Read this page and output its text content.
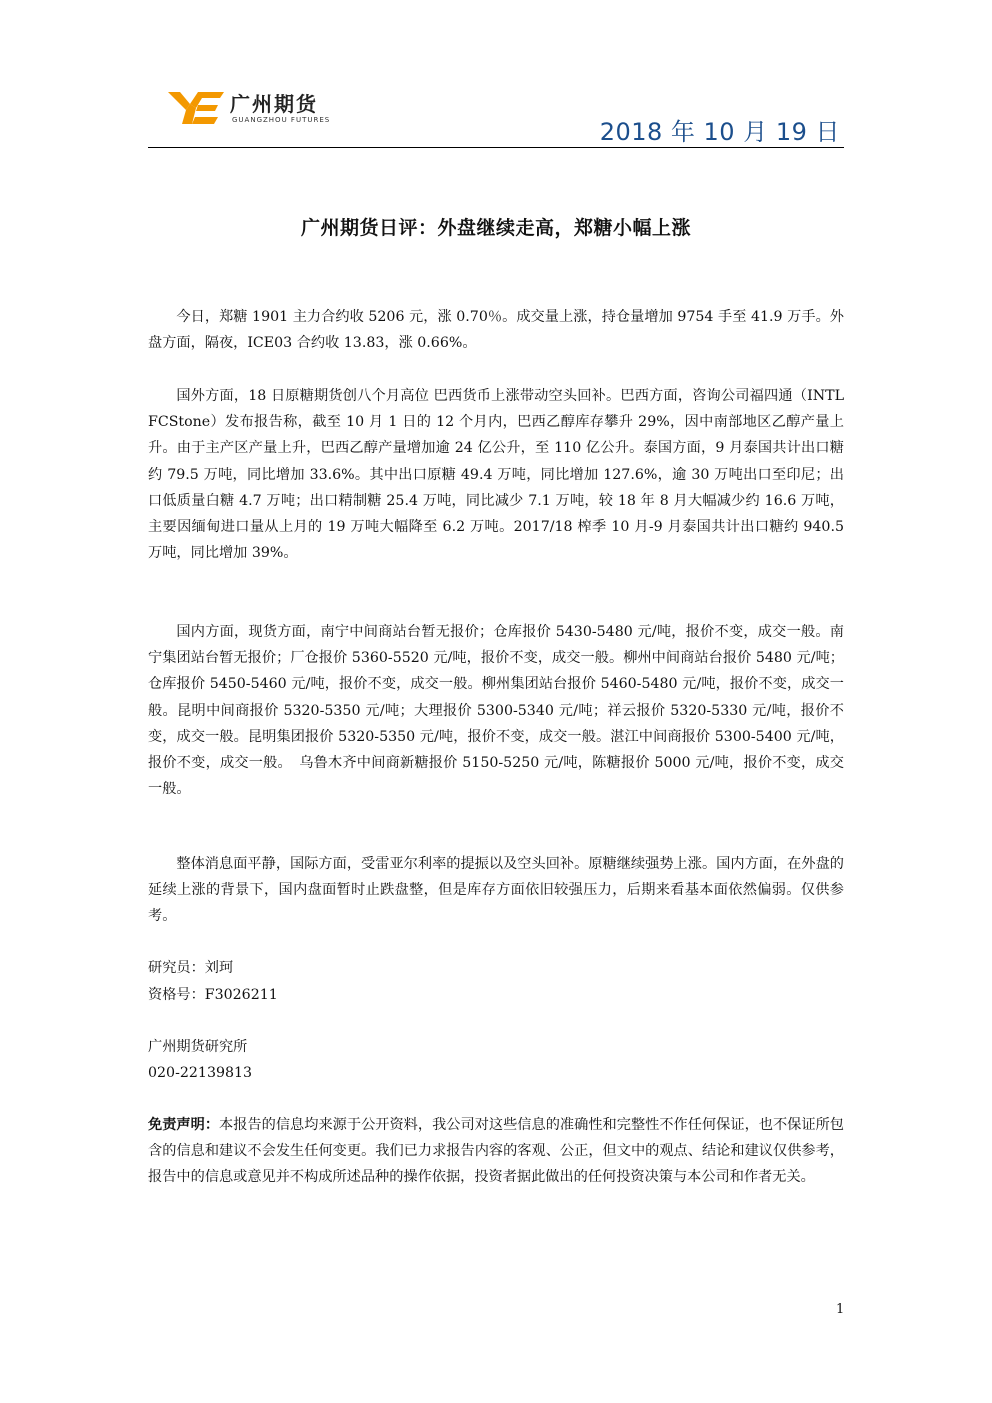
广州期货
GUANGZHOU FUTURES	2018 年 10 月 19 日
广州期货日评：外盘继续走高，郑糖小幅上涨

今日，郑糖 1901 主力合约收 5206 元，涨 0.70％。成交量上涨，持仓量增加 9754 手至 41.9 万手。外盘方面，隔夜，ICE03 合约收 13.83，涨 0.66%。

国外方面，18 日原糖期货创八个月高位 巴西货币上涨带动空头回补。巴西方面，咨询公司福四通（INTL FCStone）发布报告称，截至 10 月 1 日的 12 个月内，巴西乙醇库存攀升 29%，因中南部地区乙醇产量上升。由于主产区产量上升，巴西乙醇产量增加逾 24 亿公升，至 110 亿公升。泰国方面，9 月泰国共计出口糖约 79.5 万吨，同比增加 33.6%。其中出口原糖 49.4 万吨，同比增加 127.6%，逾 30 万吨出口至印尼；出口低质量白糖 4.7 万吨；出口精制糖 25.4 万吨，同比减少 7.1 万吨，较 18 年 8 月大幅减少约 16.6 万吨，主要因缅甸进口量从上月的 19 万吨大幅降至 6.2 万吨。2017/18 榨季 10 月-9 月泰国共计出口糖约 940.5 万吨，同比增加 39%。

国内方面，现货方面，南宁中间商站台暂无报价；仓库报价 5430-5480 元/吨，报价不变，成交一般。南宁集团站台暂无报价；厂仓报价 5360-5520 元/吨，报价不变，成交一般。柳州中间商站台报价 5480 元/吨；仓库报价 5450-5460 元/吨，报价不变，成交一般。柳州集团站台报价 5460-5480 元/吨，报价不变，成交一般。昆明中间商报价 5320-5350 元/吨；大理报价 5300-5340 元/吨；祥云报价 5320-5330 元/吨，报价不变，成交一般。昆明集团报价 5320-5350 元/吨，报价不变，成交一般。湛江中间商报价 5300-5400 元/吨，报价不变，成交一般。　乌鲁木齐中间商新糖报价 5150-5250 元/吨，陈糖报价 5000 元/吨，报价不变，成交一般。

整体消息面平静，国际方面，受雷亚尔利率的提振以及空头回补。原糖继续强势上涨。国内方面，在外盘的延续上涨的背景下，国内盘面暂时止跌盘整，但是库存方面依旧较强压力，后期来看基本面依然偏弱。仅供参考。

研究员：刘珂
资格号：F3026211
广州期货研究所
020-22139813

免责声明：本报告的信息均来源于公开资料，我公司对这些信息的准确性和完整性不作任何保证，也不保证所包含的信息和建议不会发生任何变更。我们已力求报告内容的客观、公正，但文中的观点、结论和建议仅供参考，报告中的信息或意见并不构成所述品种的操作依据，投资者据此做出的任何投资决策与本公司和作者无关。

1
